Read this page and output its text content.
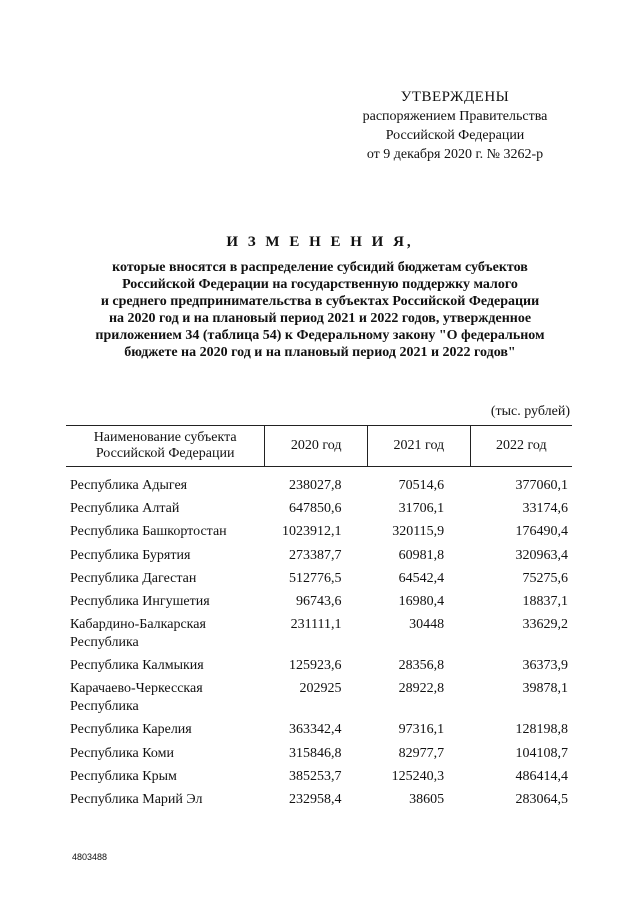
УТВЕРЖДЕНЫ
распоряжением Правительства
Российской Федерации
от 9 декабря 2020 г. № 3262-р
И З М Е Н Е Н И Я,
которые вносятся в распределение субсидий бюджетам субъектов
Российской Федерации на государственную поддержку малого
и среднего предпринимательства в субъектах Российской Федерации
на 2020 год и на плановый период 2021 и 2022 годов, утвержденное
приложением 34 (таблица 54) к Федеральному закону "О федеральном
бюджете на 2020 год и на плановый период 2021 и 2022 годов"
(тыс. рублей)
Наименование субъекта
Российской Федерации	2020 год	2021 год	2022 год

Республика Адыгея	238027,8	70514,6	377060,1
Республика Алтай	647850,6	31706,1	33174,6
Республика Башкортостан	1023912,1	320115,9	176490,4
Республика Бурятия	273387,7	60981,8	320963,4
Республика Дагестан	512776,5	64542,4	75275,6
Республика Ингушетия	96743,6	16980,4	18837,1

Кабардино-Балкарская
Республика	231111,1	30448	33629,2
Республика Калмыкия	125923,6	28356,8	36373,9

Карачаево-Черкесская
Республика	202925	28922,8	39878,1
Республика Карелия	363342,4	97316,1	128198,8
Республика Коми	315846,8	82977,7	104108,7
Республика Крым	385253,7	125240,3	486414,4
Республика Марий Эл	232958,4	38605	283064,5
4803488
